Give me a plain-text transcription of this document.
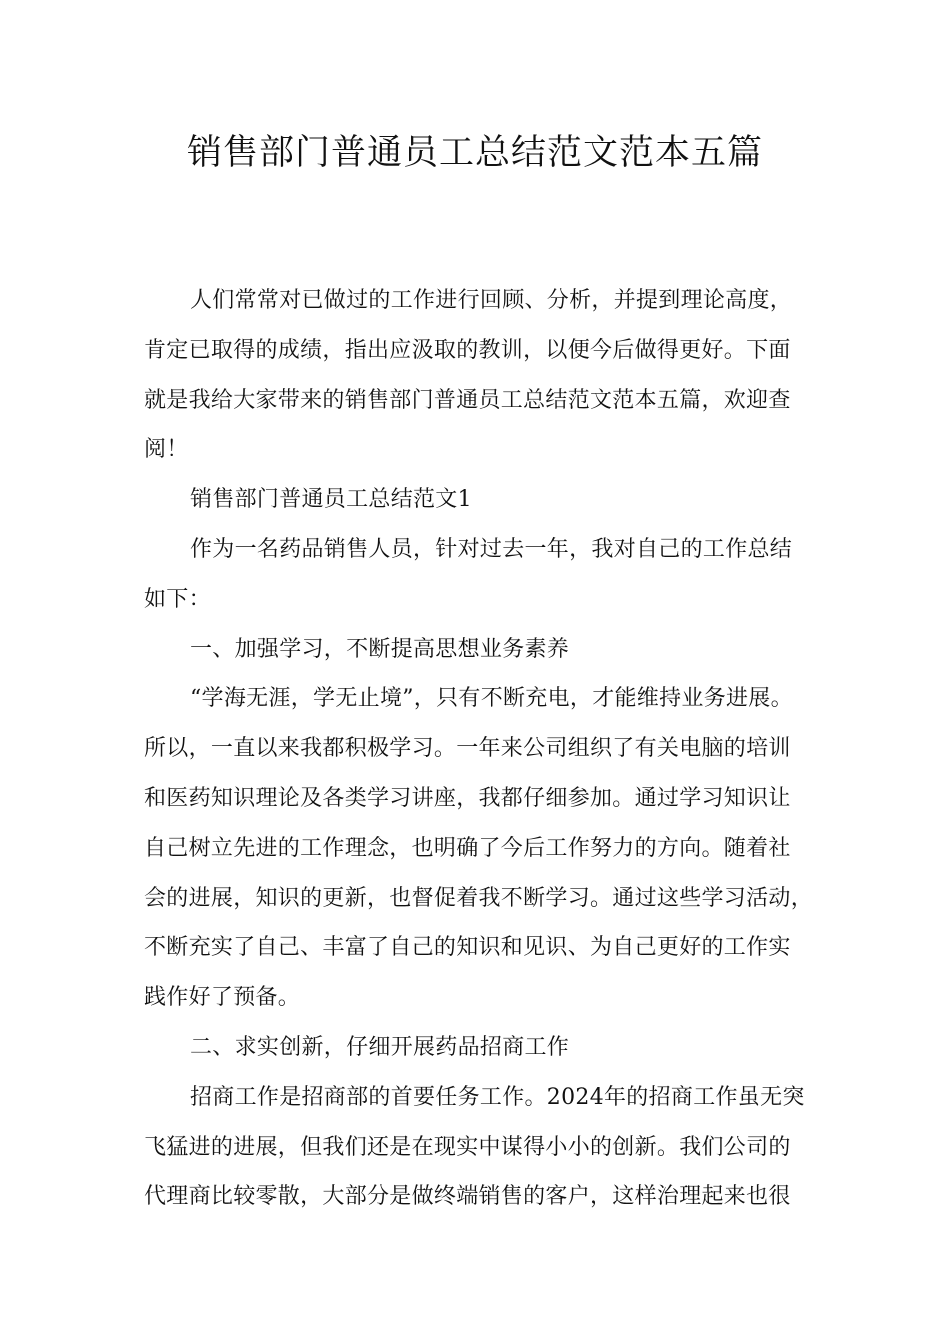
销售部门普通员工总结范文范本五篇
人们常常对已做过的工作进行回顾、分析，并提到理论高度，
肯定已取得的成绩，指出应汲取的教训，以便今后做得更好。下面
就是我给大家带来的销售部门普通员工总结范文范本五篇，欢迎查
阅！
销售部门普通员工总结范文1
作为一名药品销售人员，针对过去一年，我对自己的工作总结
如下：
一、加强学习，不断提高思想业务素养
“学海无涯，学无止境”，只有不断充电，才能维持业务进展。
所以，一直以来我都积极学习。一年来公司组织了有关电脑的培训
和医药知识理论及各类学习讲座，我都仔细参加。通过学习知识让
自己树立先进的工作理念，也明确了今后工作努力的方向。随着社
会的进展，知识的更新，也督促着我不断学习。通过这些学习活动，
不断充实了自己、丰富了自己的知识和见识、为自己更好的工作实
践作好了预备。
二、求实创新，仔细开展药品招商工作
招商工作是招商部的首要任务工作。2024年的招商工作虽无突
飞猛进的进展，但我们还是在现实中谋得小小的创新。我们公司的
代理商比较零散，大部分是做终端销售的客户，这样治理起来也很
